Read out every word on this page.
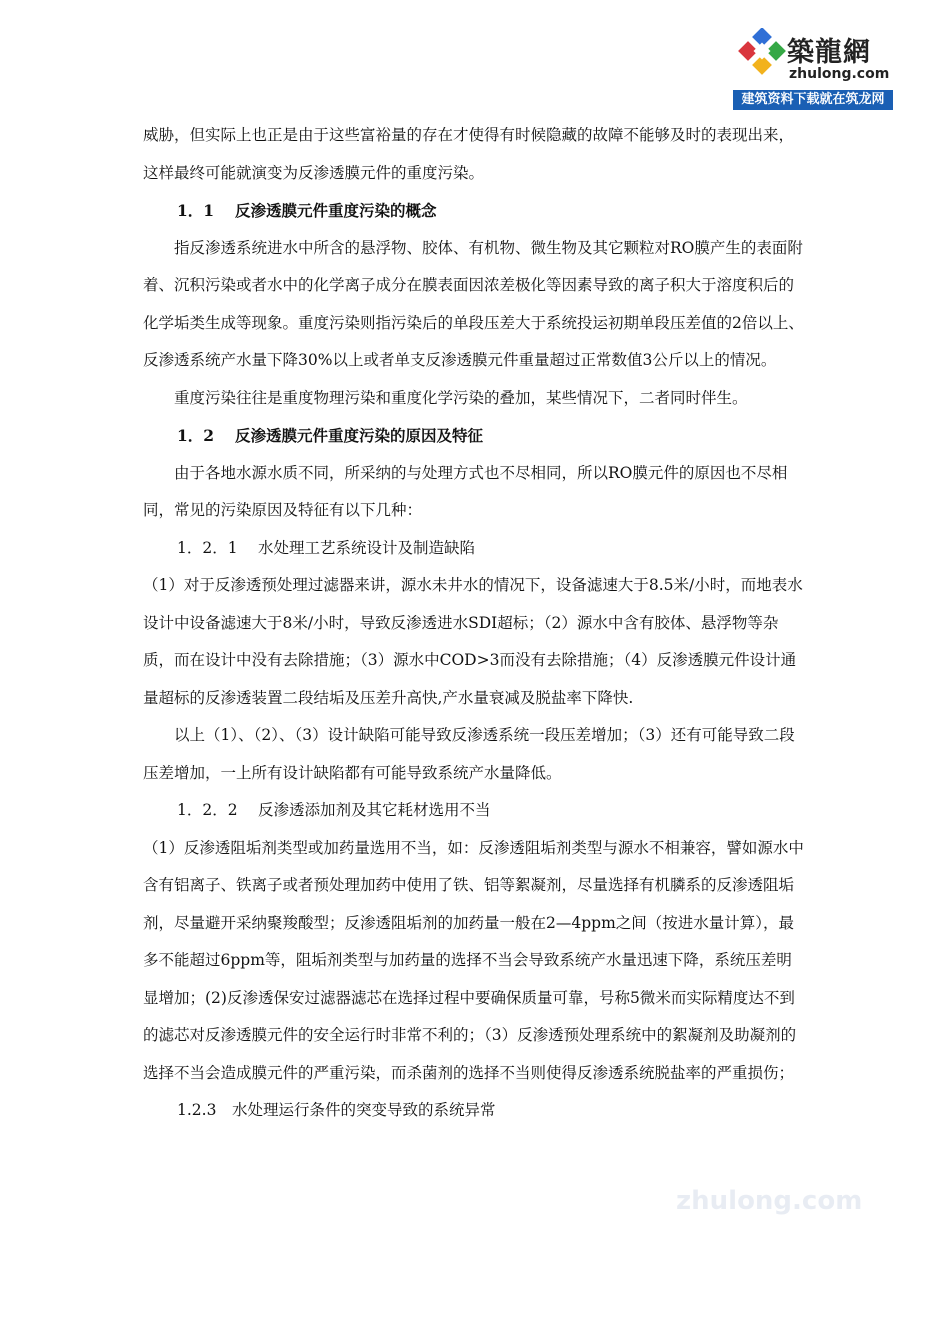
築龍網
zhulong.com
建筑资料下载就在筑龙网
zhulong.com

威胁，但实际上也正是由于这些富裕量的存在才使得有时候隐藏的故障不能够及时的表现出来，这样最终可能就演变为反渗透膜元件的重度污染。

1．1　 反渗透膜元件重度污染的概念

指反渗透系统进水中所含的悬浮物、胶体、有机物、微生物及其它颗粒对RO膜产生的表面附着、沉积污染或者水中的化学离子成分在膜表面因浓差极化等因素导致的离子积大于溶度积后的化学垢类生成等现象。重度污染则指污染后的单段压差大于系统投运初期单段压差值的2倍以上、反渗透系统产水量下降30%以上或者单支反渗透膜元件重量超过正常数值3公斤以上的情况。

重度污染往往是重度物理污染和重度化学污染的叠加，某些情况下，二者同时伴生。

1．2　 反渗透膜元件重度污染的原因及特征

由于各地水源水质不同，所采纳的与处理方式也不尽相同，所以RO膜元件的原因也不尽相同，常见的污染原因及特征有以下几种：

1．2．1　 水处理工艺系统设计及制造缺陷

（1）对于反渗透预处理过滤器来讲，源水未井水的情况下，设备滤速大于8.5米/小时，而地表水设计中设备滤速大于8米/小时，导致反渗透进水SDI超标；（2）源水中含有胶体、悬浮物等杂质，而在设计中没有去除措施；（3）源水中COD>3而没有去除措施；（4）反渗透膜元件设计通量超标的反渗透装置二段结垢及压差升高快,产水量衰减及脱盐率下降快.

以上（1）、（2）、（3）设计缺陷可能导致反渗透系统一段压差增加；（3）还有可能导致二段压差增加，一上所有设计缺陷都有可能导致系统产水量降低。

1．2．2　 反渗透添加剂及其它耗材选用不当

（1）反渗透阻垢剂类型或加药量选用不当，如：反渗透阻垢剂类型与源水不相兼容，譬如源水中含有铝离子、铁离子或者预处理加药中使用了铁、铝等絮凝剂，尽量选择有机膦系的反渗透阻垢剂，尽量避开采纳聚羧酸型；反渗透阻垢剂的加药量一般在2—4ppm之间（按进水量计算），最多不能超过6ppm等，阻垢剂类型与加药量的选择不当会导致系统产水量迅速下降，系统压差明显增加；(2)反渗透保安过滤器滤芯在选择过程中要确保质量可靠，号称5微米而实际精度达不到的滤芯对反渗透膜元件的安全运行时非常不利的；（3）反渗透预处理系统中的絮凝剂及助凝剂的选择不当会造成膜元件的严重污染，而杀菌剂的选择不当则使得反渗透系统脱盐率的严重损伤；

1.2.3　水处理运行条件的突变导致的系统异常
